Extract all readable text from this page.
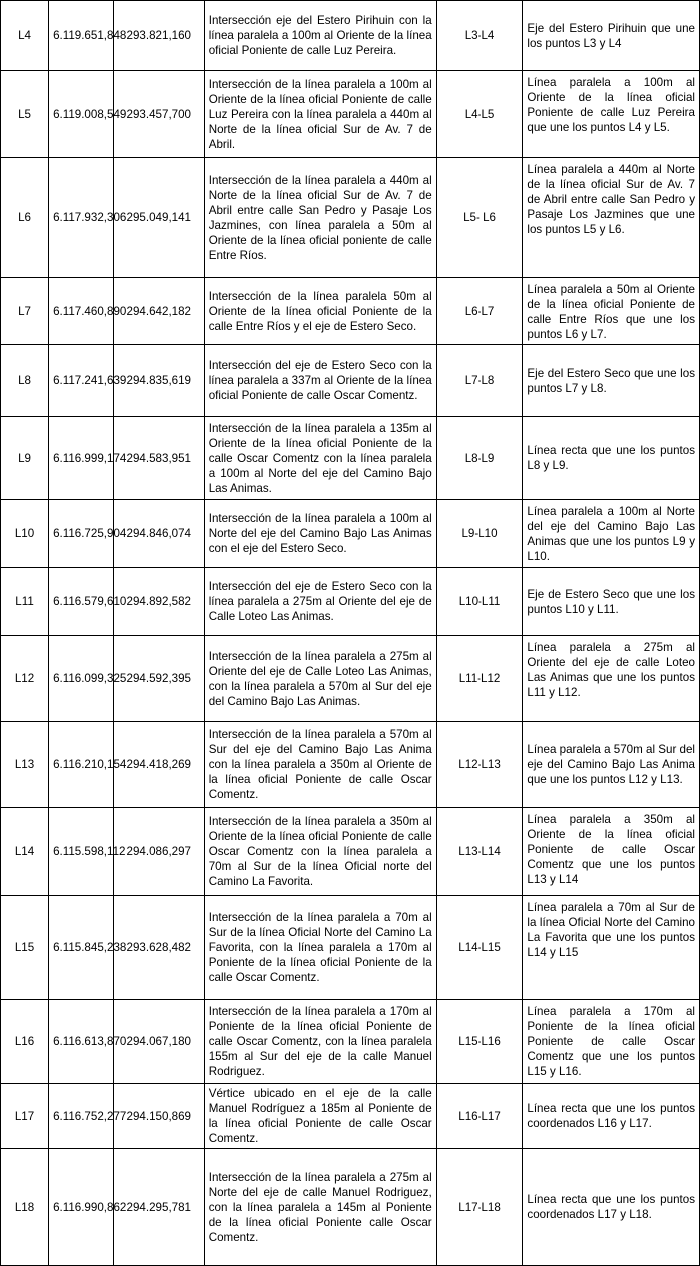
L4	6.119.651,848	293.821,160	Intersección eje del Estero Pirihuin con la línea paralela a 100m al Oriente de la línea oficial Poniente de calle Luz Pereira.	L3-L4	Eje del Estero Pirihuin que une los puntos L3 y L4
L5	6.119.008,549	293.457,700	Intersección de la línea paralela a 100m al Oriente de la línea oficial Poniente de calle Luz Pereira con la línea paralela a 440m al Norte de la línea oficial Sur de Av. 7 de Abril.	L4-L5	Línea paralela a 100m al Oriente de la línea oficial Poniente de calle Luz Pereira que une los puntos L4 y L5.
L6	6.117.932,306	295.049,141	Intersección de la línea paralela a 440m al Norte de la línea oficial Sur de Av. 7 de Abril entre calle San Pedro y Pasaje Los Jazmines, con línea paralela a 50m al Oriente de la línea oficial poniente de calle Entre Ríos.	L5- L6	Línea paralela a 440m al Norte de la línea oficial Sur de Av. 7 de Abril entre calle San Pedro y Pasaje Los Jazmines que une los puntos L5 y L6.
L7	6.117.460,890	294.642,182	Intersección de la línea paralela 50m al Oriente de la línea oficial Poniente de la calle Entre Ríos y el eje de Estero Seco.	L6-L7	Línea paralela a 50m al Oriente de la línea oficial Poniente de calle Entre Ríos que une los puntos L6 y L7.
L8	6.117.241,639	294.835,619	Intersección del eje de Estero Seco con la línea paralela a 337m al Oriente de la línea oficial Poniente de calle Oscar Comentz.	L7-L8	Eje del Estero Seco que une los puntos L7 y L8.
L9	6.116.999,174	294.583,951	Intersección de la línea paralela a 135m al Oriente de la línea oficial Poniente de la calle Oscar Comentz con la línea paralela a 100m al Norte del eje del Camino Bajo Las Animas.	L8-L9	Línea recta que une los puntos L8 y L9.
L10	6.116.725,904	294.846,074	Intersección de la línea paralela a 100m al Norte del eje del Camino Bajo Las Animas con el eje del Estero Seco.	L9-L10	Línea paralela a 100m al Norte del eje del Camino Bajo Las Animas que une los puntos L9 y L10.
L11	6.116.579,610	294.892,582	Intersección del eje de Estero Seco con la línea paralela a 275m al Oriente del eje de Calle Loteo Las Animas.	L10-L11	Eje de Estero Seco que une los puntos L10 y L11.
L12	6.116.099,325	294.592,395	Intersección de la línea paralela a 275m al Oriente del eje de Calle Loteo Las Animas, con la línea paralela a 570m al Sur del eje del Camino Bajo Las Animas.	L11-L12	Línea paralela a 275m al Oriente del eje de calle Loteo Las Animas que une los puntos L11 y L12.
L13	6.116.210,154	294.418,269	Intersección de la línea paralela a 570m al Sur del eje del Camino Bajo Las Anima con la línea paralela a 350m al Oriente de la línea oficial Poniente de calle Oscar Comentz.	L12-L13	Línea paralela a 570m al Sur del eje del Camino Bajo Las Anima que une los puntos L12 y L13.
L14	6.115.598,112	294.086,297	Intersección de la línea paralela a 350m al Oriente de la línea oficial Poniente de calle Oscar Comentz con la línea paralela a 70m al Sur de la línea Oficial norte del Camino La Favorita.	L13-L14	Línea paralela a 350m al Oriente de la línea oficial Poniente de calle Oscar Comentz que une los puntos L13 y L14
L15	6.115.845,238	293.628,482	Intersección de la línea paralela a 70m al Sur de la línea Oficial Norte del Camino La Favorita, con la línea paralela a 170m al Poniente de la línea oficial Poniente de la calle Oscar Comentz.	L14-L15	Línea paralela a 70m al Sur de la línea Oficial Norte del Camino La Favorita que une los puntos L14 y L15
L16	6.116.613,870	294.067,180	Intersección de la línea paralela a 170m al Poniente de la línea oficial Poniente de calle Oscar Comentz, con la línea paralela 155m al Sur del eje de la calle Manuel Rodriguez.	L15-L16	Línea paralela a 170m al Poniente de la línea oficial Poniente de calle Oscar Comentz que une los puntos L15 y L16.
L17	6.116.752,277	294.150,869	Vértice ubicado en el eje de la calle Manuel Rodríguez a 185m al Poniente de la línea oficial Poniente de calle Oscar Comentz.	L16-L17	Línea recta que une los puntos coordenados L16 y L17.
L18	6.116.990,862	294.295,781	Intersección de la línea paralela a 275m al Norte del eje de calle Manuel Rodriguez, con la línea paralela a 145m al Poniente de la línea oficial Poniente calle Oscar Comentz.	L17-L18	Línea recta que une los puntos coordenados L17 y L18.
